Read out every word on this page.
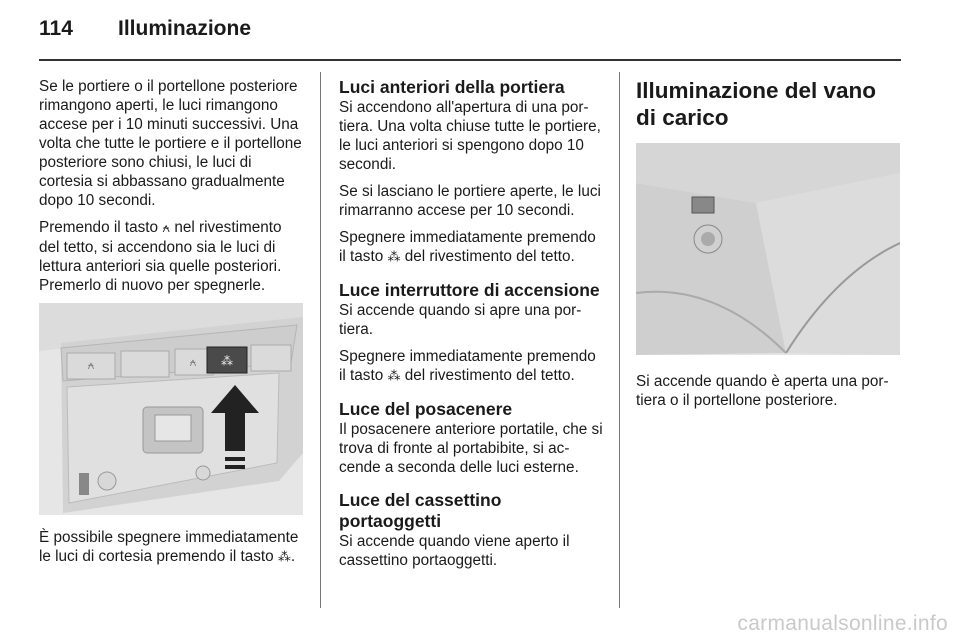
114 Illuminazione

Se le portiere o il portellone posteriore rimangono aperti, le luci rimangono accese per i 10 minuti successivi. Una volta che tutte le portiere e il portellone posteriore sono chiusi, le luci di cortesia si abbassano gradualmente dopo 10 secondi.

Premendo il tasto ⍲ nel rivestimento del tetto, si accendono sia le luci di lettura anteriori sia quelle posteriori. Premerlo di nuovo per spegnerle.

⍲	⍲ ⁂

È possibile spegnere immediatamente le luci di cortesia premendo il tasto ⁂.

Luci anteriori della portiera

Si accendono all'apertura di una portiera. Una volta chiuse tutte le portiere, le luci anteriori si spengono dopo 10 secondi.

Se si lasciano le portiere aperte, le luci rimarranno accese per 10 secondi.

Spegnere immediatamente premendo il tasto ⁂ del rivestimento del tetto.

Luce interruttore di accensione

Si accende quando si apre una portiera.

Spegnere immediatamente premendo il tasto ⁂ del rivestimento del tetto.

Luce del posacenere

Il posacenere anteriore portatile, che si trova di fronte al portabibite, si accende a seconda delle luci esterne.

Luce del cassettino portaoggetti

Si accende quando viene aperto il cassettino portaoggetti.

Illuminazione del vano di carico

Si accende quando è aperta una portiera o il portellone posteriore.

carmanualsonline.info
